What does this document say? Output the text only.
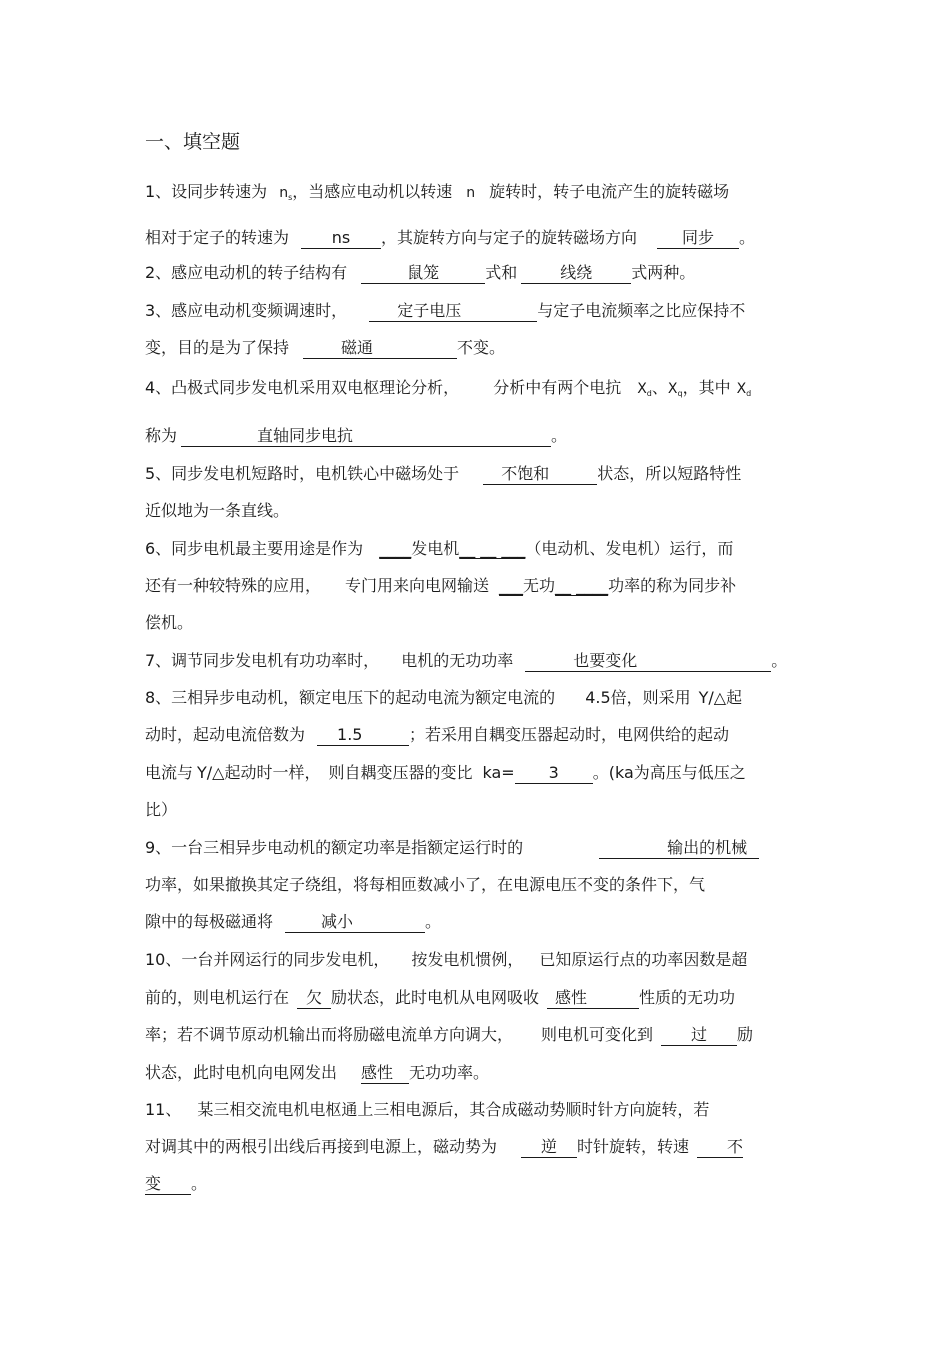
一、填空题
1、设同步转速为 $n_s$，当感应电动机以转速 n 旋转时，转子电流产生的旋转磁场
相对于定子的转速为	ns ，其旋转方向与定子的旋转磁场方向	同步 。
2、感应电动机的转子结构有	鼠笼	式和	线绕 式两种。
3、感应电动机变频调速时，	定子电压	与定子电流频率之比应保持不
变，目的是为了保持	磁通	不变。
4、凸极式同步发电机采用双电枢理论分析， 分析中有两个电抗 $X_d$、$X_q$，其中 $X_d$
称为	直轴同步电抗	。
5、同步发电机短路时，电机铁心中磁场处于	不饱和	状态，所以短路特性
近似地为一条直线。
6、同步电机最主要用途是作为 ____发电机__ __ ___（电动机、发电机）运行，而
还有一种较特殊的应用， 专门用来向电网输送 ___无功__ ____功率的称为同步补
偿机。
7、调节同步发电机有功功率时， 电机的无功功率	也要变化	。
8、三相异步电动机，额定电压下的起动电流为额定电流的 4.5倍，则采用 Y/△起
动时，起动电流倍数为 1.5	；若采用自耦变压器起动时，电网供给的起动
电流与 Y/△起动时一样， 则自耦变压器的变比 ka= 3 。(ka为高压与低压之
比）
9、一台三相异步电动机的额定功率是指额定运行时的	输出的机械
功率，如果撤换其定子绕组，将每相匝数减小了，在电源电压不变的条件下，气
隙中的每极磁通将	减小	。
10、一台并网运行的同步发电机， 按发电机惯例， 已知原运行点的功率因数是超
前的，则电机运行在 欠 励状态，此时电机从电网吸收 感性	性质的无功功
率；若不调节原动机输出而将励磁电流单方向调大， 则电机可变化到 过 励
状态，此时电机向电网发出 感性 无功功率。
11、 某三相交流电机电枢通上三相电源后，其合成磁动势顺时针方向旋转，若
对调其中的两根引出线后再接到电源上，磁动势为	逆 时针旋转，转速 不
变 。
